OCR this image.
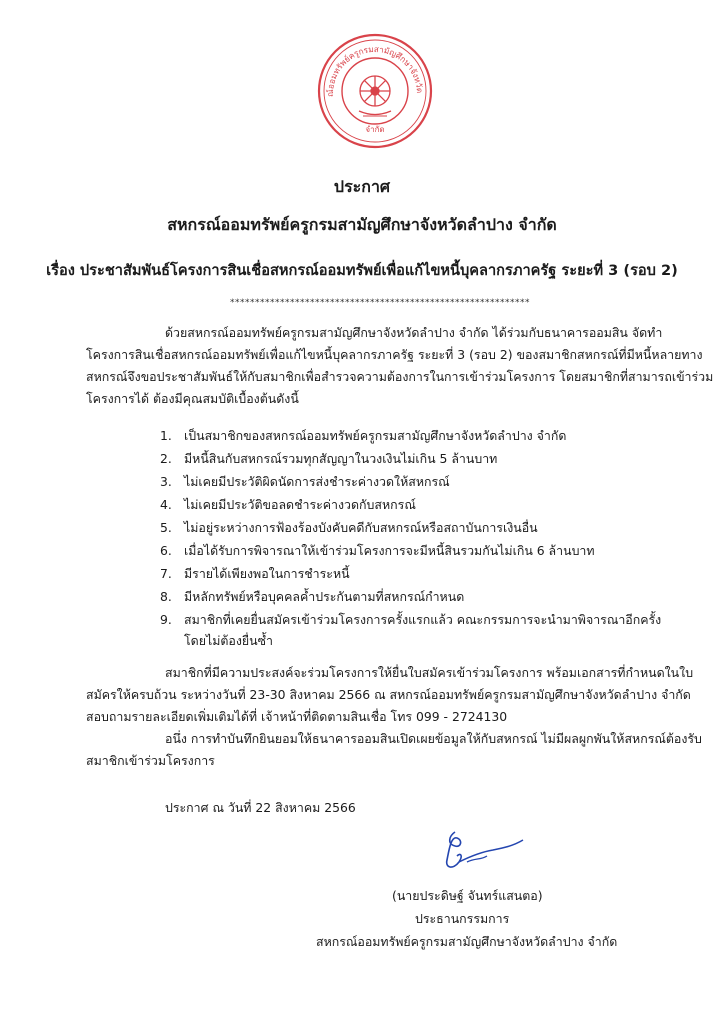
ณ์ออมทรัพย์ครูกรมสามัญศึกษาจังหวัด
จำกัด
ประกาศ
สหกรณ์ออมทรัพย์ครูกรมสามัญศึกษาจังหวัดลำปาง จำกัด
เรื่อง ประชาสัมพันธ์โครงการสินเชื่อสหกรณ์ออมทรัพย์เพื่อแก้ไขหนี้บุคลากรภาครัฐ ระยะที่ 3 (รอบ 2)
************************************************************
ด้วยสหกรณ์ออมทรัพย์ครูกรมสามัญศึกษาจังหวัดลำปาง จำกัด ได้ร่วมกับธนาคารออมสิน จัดทำ
โครงการสินเชื่อสหกรณ์ออมทรัพย์เพื่อแก้ไขหนี้บุคลากรภาครัฐ ระยะที่ 3 (รอบ 2) ของสมาชิกสหกรณ์ที่มีหนี้หลายทาง
สหกรณ์จึงขอประชาสัมพันธ์ให้กับสมาชิกเพื่อสำรวจความต้องการในการเข้าร่วมโครงการ โดยสมาชิกที่สามารถเข้าร่วม
โครงการได้ ต้องมีคุณสมบัติเบื้องต้นดังนี้
1. เป็นสมาชิกของสหกรณ์ออมทรัพย์ครูกรมสามัญศึกษาจังหวัดลำปาง จำกัด
2. มีหนี้สินกับสหกรณ์รวมทุกสัญญาในวงเงินไม่เกิน 5 ล้านบาท
3. ไม่เคยมีประวัติผิดนัดการส่งชำระค่างวดให้สหกรณ์
4. ไม่เคยมีประวัติขอลดชำระค่างวดกับสหกรณ์
5. ไม่อยู่ระหว่างการฟ้องร้องบังคับคดีกับสหกรณ์หรือสถาบันการเงินอื่น
6. เมื่อได้รับการพิจารณาให้เข้าร่วมโครงการจะมีหนี้สินรวมกันไม่เกิน 6 ล้านบาท
7. มีรายได้เพียงพอในการชำระหนี้
8. มีหลักทรัพย์หรือบุคคลค้ำประกันตามที่สหกรณ์กำหนด
9. สมาชิกที่เคยยื่นสมัครเข้าร่วมโครงการครั้งแรกแล้ว คณะกรรมการจะนำมาพิจารณาอีกครั้ง
โดยไม่ต้องยื่นซ้ำ
สมาชิกที่มีความประสงค์จะร่วมโครงการให้ยื่นใบสมัครเข้าร่วมโครงการ พร้อมเอกสารที่กำหนดในใบ
สมัครให้ครบถ้วน ระหว่างวันที่ 23-30 สิงหาคม 2566 ณ สหกรณ์ออมทรัพย์ครูกรมสามัญศึกษาจังหวัดลำปาง จำกัด
สอบถามรายละเอียดเพิ่มเติมได้ที่ เจ้าหน้าที่ติดตามสินเชื่อ โทร 099 - 2724130
อนึ่ง การทำบันทึกยินยอมให้ธนาคารออมสินเปิดเผยข้อมูลให้กับสหกรณ์ ไม่มีผลผูกพันให้สหกรณ์ต้องรับ
สมาชิกเข้าร่วมโครงการ
ประกาศ ณ วันที่ 22 สิงหาคม 2566
(นายประดิษฐ์ จันทร์แสนตอ)
ประธานกรรมการ
สหกรณ์ออมทรัพย์ครูกรมสามัญศึกษาจังหวัดลำปาง จำกัด
